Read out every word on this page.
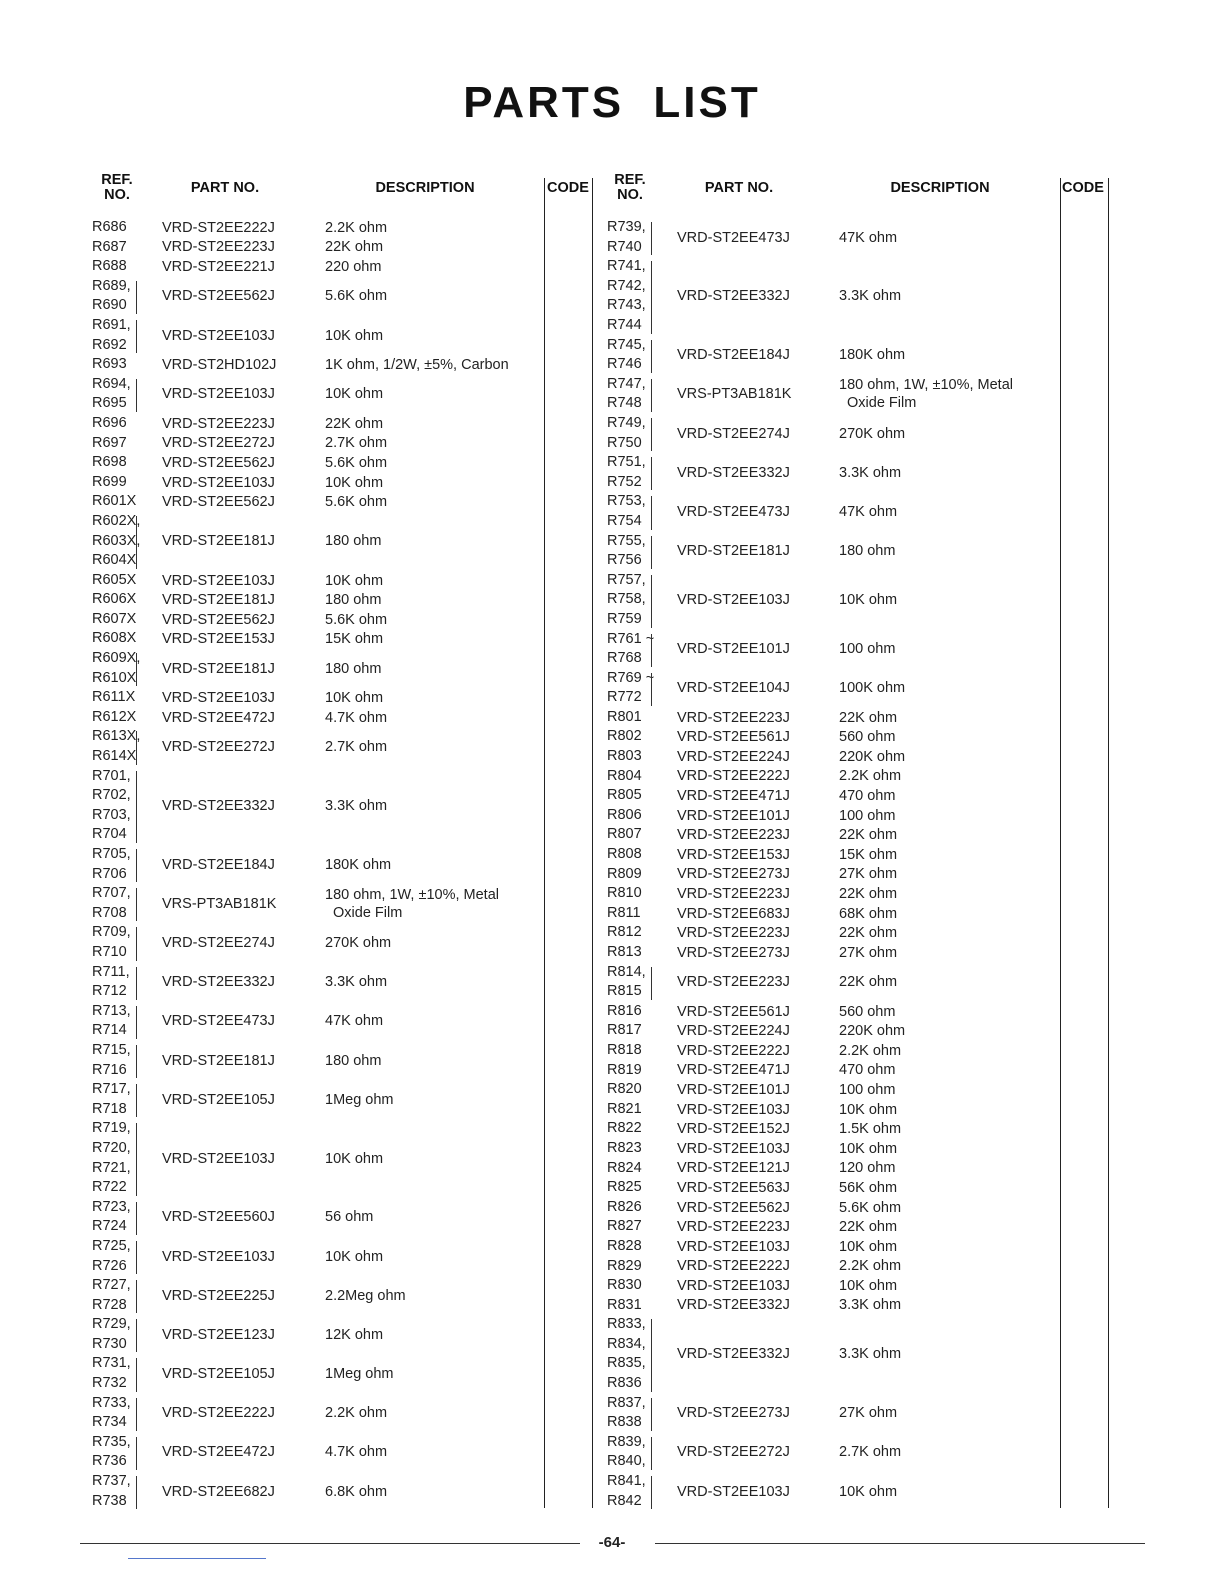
PARTS LIST
REF.
NO.	PART NO.	DESCRIPTION	CODE	REF.
NO.	PART NO.	DESCRIPTION	CODE
R686 VRD-ST2EE222J	2.2K ohm
R687 VRD-ST2EE223J	22K ohm
R688 VRD-ST2EE221J	220 ohm
R689,
R690
VRD-ST2EE562J	5.6K ohm
R691,
R692
VRD-ST2EE103J	10K ohm
R693 VRD-ST2HD102J	1K ohm, 1/2W, ±5%, Carbon
R694,
R695
VRD-ST2EE103J	10K ohm
R696 VRD-ST2EE223J	22K ohm
R697 VRD-ST2EE272J	2.7K ohm
R698 VRD-ST2EE562J	5.6K ohm
R699 VRD-ST2EE103J	10K ohm
R601X VRD-ST2EE562J	5.6K ohm
R602X,
R603X,
R604X
VRD-ST2EE181J	180 ohm
R605X VRD-ST2EE103J	10K ohm
R606X VRD-ST2EE181J	180 ohm
R607X VRD-ST2EE562J	5.6K ohm
R608X VRD-ST2EE153J	15K ohm
R609X,
R610X
VRD-ST2EE181J	180 ohm
R611X VRD-ST2EE103J	10K ohm
R612X VRD-ST2EE472J	4.7K ohm
R613X,
R614X
VRD-ST2EE272J	2.7K ohm
R701,
R702,
R703,
R704
VRD-ST2EE332J	3.3K ohm
R705,
R706
VRD-ST2EE184J	180K ohm
R707,
R708
VRS-PT3AB181K
180 ohm, 1W, ±10%, Metal
Oxide Film
R709,
R710
VRD-ST2EE274J	270K ohm
R711,
R712
VRD-ST2EE332J	3.3K ohm
R713,
R714
VRD-ST2EE473J	47K ohm
R715,
R716
VRD-ST2EE181J	180 ohm
R717,
R718
VRD-ST2EE105J	1Meg ohm
R719,
R720,
R721,
R722
VRD-ST2EE103J	10K ohm
R723,
R724
VRD-ST2EE560J	56 ohm
R725,
R726
VRD-ST2EE103J	10K ohm
R727,
R728
VRD-ST2EE225J	2.2Meg ohm
R729,
R730
VRD-ST2EE123J	12K ohm
R731,
R732
VRD-ST2EE105J	1Meg ohm
R733,
R734
VRD-ST2EE222J	2.2K ohm
R735,
R736
VRD-ST2EE472J	4.7K ohm
R737,
R738
VRD-ST2EE682J	6.8K ohm
R739,
R740
VRD-ST2EE473J	47K ohm
R741,
R742,
R743,
R744
VRD-ST2EE332J	3.3K ohm
R745,
R746
VRD-ST2EE184J	180K ohm
R747,
R748
VRS-PT3AB181K
180 ohm, 1W, ±10%, Metal
Oxide Film
R749,
R750
VRD-ST2EE274J	270K ohm
R751,
R752
VRD-ST2EE332J	3.3K ohm
R753,
R754
VRD-ST2EE473J	47K ohm
R755,
R756
VRD-ST2EE181J	180 ohm
R757,
R758,
R759
VRD-ST2EE103J	10K ohm
R761 ~
R768
VRD-ST2EE101J	100 ohm
R769 ~
R772
VRD-ST2EE104J	100K ohm
R801 VRD-ST2EE223J	22K ohm
R802 VRD-ST2EE561J	560 ohm
R803 VRD-ST2EE224J	220K ohm
R804 VRD-ST2EE222J	2.2K ohm
R805 VRD-ST2EE471J	470 ohm
R806 VRD-ST2EE101J	100 ohm
R807 VRD-ST2EE223J	22K ohm
R808 VRD-ST2EE153J	15K ohm
R809 VRD-ST2EE273J	27K ohm
R810 VRD-ST2EE223J	22K ohm
R811	VRD-ST2EE683J	68K ohm
R812 VRD-ST2EE223J	22K ohm
R813 VRD-ST2EE273J	27K ohm
R814,
R815
VRD-ST2EE223J	22K ohm
R816 VRD-ST2EE561J	560 ohm
R817 VRD-ST2EE224J	220K ohm
R818 VRD-ST2EE222J	2.2K ohm
R819 VRD-ST2EE471J	470 ohm
R820 VRD-ST2EE101J	100 ohm
R821 VRD-ST2EE103J	10K ohm
R822 VRD-ST2EE152J	1.5K ohm
R823 VRD-ST2EE103J	10K ohm
R824 VRD-ST2EE121J	120 ohm
R825 VRD-ST2EE563J	56K ohm
R826 VRD-ST2EE562J	5.6K ohm
R827 VRD-ST2EE223J	22K ohm
R828 VRD-ST2EE103J	10K ohm
R829 VRD-ST2EE222J	2.2K ohm
R830 VRD-ST2EE103J	10K ohm
R831 VRD-ST2EE332J	3.3K ohm
R833,
R834,
R835,
R836
VRD-ST2EE332J	3.3K ohm
R837,
R838
VRD-ST2EE273J	27K ohm
R839,
R840,
VRD-ST2EE272J	2.7K ohm
R841,
R842
VRD-ST2EE103J	10K ohm
-64-
